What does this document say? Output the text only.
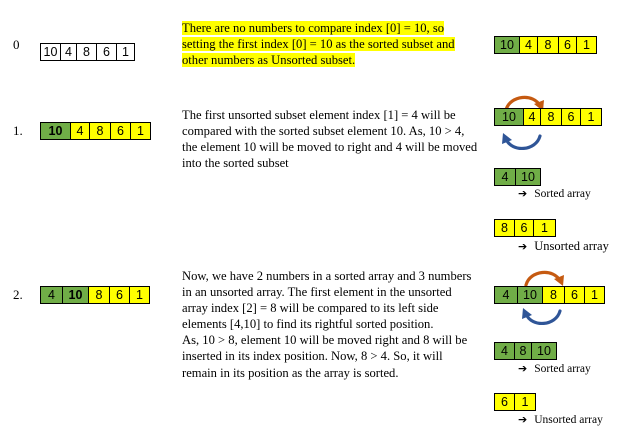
0 10 4 8	6 1
There are no numbers to compare index [0] = 10, so setting the first index [0] = 10 as the sorted subset and other numbers as Unsorted subset.
10 4	8	6 1
1.	10	4	8	6	1
The first unsorted subset element index [1] = 4 will be compared with the sorted subset element 10. As, 10 > 4, the element 10 will be moved to right and 4 will be moved into the sorted subset
10	4 8	6	1
4	10
➔ Sorted array
8	6	1
➔ Unsorted array
2.	4	10	8	6	1
Now, we have 2 numbers in a sorted array and 3 numbers in an unsorted array. The first element in the unsorted array index [2] = 8 will be compared to its left side elements [4,10] to find its rightful sorted position.
As, 10 > 8, element 10 will be moved right and 8 will be inserted in its index position. Now, 8 > 4. So, it will remain in its position as the array is sorted.
4	10	8	6	1
4 8 10
➔ Sorted array
6	1
➔ Unsorted array
